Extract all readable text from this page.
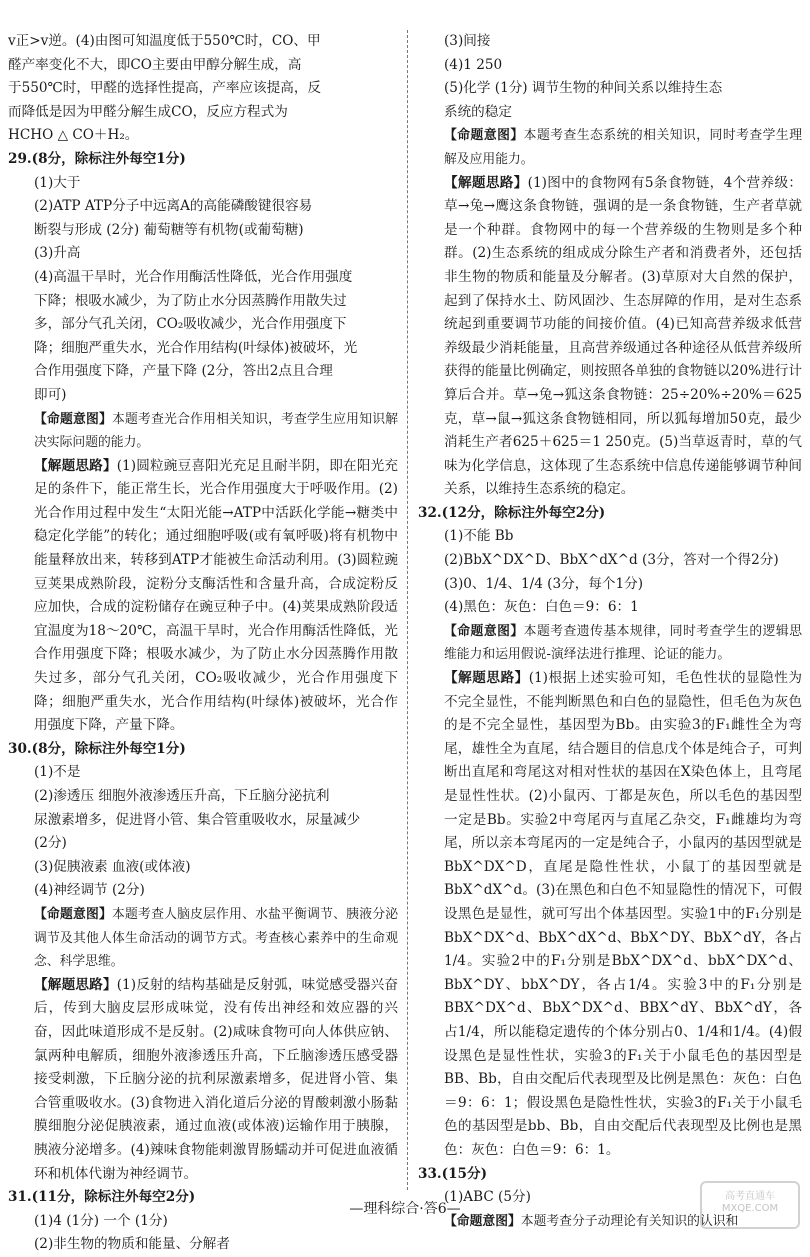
v正>v逆。(4)由图可知温度低于550℃时，CO、甲

醛产率变化不大，即CO主要由甲醇分解生成，高

于550℃时，甲醛的选择性提高，产率应该提高，反

而降低是因为甲醛分解生成CO，反应方程式为

HCHO △ CO＋H₂。

29.(8分，除标注外每空1分)

(1)大于

(2)ATP ATP分子中远离A的高能磷酸键很容易

断裂与形成 (2分) 葡萄糖等有机物(或葡萄糖)

(3)升高

(4)高温干旱时，光合作用酶活性降低，光合作用强度

下降；根吸水减少，为了防止水分因蒸腾作用散失过

多，部分气孔关闭，CO₂吸收减少，光合作用强度下

降；细胞严重失水，光合作用结构(叶绿体)被破坏，光

合作用强度下降，产量下降 (2分，答出2点且合理

即可)

【命题意图】本题考查光合作用相关知识，考查学生应用知识解决实际问题的能力。

【解题思路】(1)圆粒豌豆喜阳光充足且耐半阴，即在阳光充足的条件下，能正常生长，光合作用强度大于呼吸作用。(2)光合作用过程中发生“太阳光能→ATP中活跃化学能→糖类中稳定化学能”的转化；通过细胞呼吸(或有氧呼吸)将有机物中能量释放出来，转移到ATP才能被生命活动利用。(3)圆粒豌豆荚果成熟阶段，淀粉分支酶活性和含量升高，合成淀粉反应加快，合成的淀粉储存在豌豆种子中。(4)荚果成熟阶段适宜温度为18～20℃，高温干旱时，光合作用酶活性降低，光合作用强度下降；根吸水减少，为了防止水分因蒸腾作用散失过多，部分气孔关闭，CO₂吸收减少，光合作用强度下降；细胞严重失水，光合作用结构(叶绿体)被破坏，光合作用强度下降，产量下降。

30.(8分，除标注外每空1分)

(1)不是

(2)渗透压 细胞外液渗透压升高，下丘脑分泌抗利

尿激素增多，促进肾小管、集合管重吸收水，尿量减少

(2分)

(3)促胰液素 血液(或体液)

(4)神经调节 (2分)

【命题意图】本题考查人脑皮层作用、水盐平衡调节、胰液分泌调节及其他人体生命活动的调节方式。考查核心素养中的生命观念、科学思维。

【解题思路】(1)反射的结构基础是反射弧，味觉感受器兴奋后，传到大脑皮层形成味觉，没有传出神经和效应器的兴奋，因此味道形成不是反射。(2)咸味食物可向人体供应钠、氯两种电解质，细胞外液渗透压升高，下丘脑渗透压感受器接受刺激，下丘脑分泌的抗利尿激素增多，促进肾小管、集合管重吸收水。(3)食物进入消化道后分泌的胃酸刺激小肠黏膜细胞分泌促胰液素，通过血液(或体液)运输作用于胰腺，胰液分泌增多。(4)辣味食物能刺激胃肠蠕动并可促进血液循环和机体代谢为神经调节。

31.(11分，除标注外每空2分)

(1)4 (1分) 一个 (1分)

(2)非生物的物质和能量、分解者

(3)间接

(4)1 250

(5)化学 (1分) 调节生物的种间关系以维持生态

系统的稳定

【命题意图】本题考查生态系统的相关知识，同时考查学生理解及应用能力。

【解题思路】(1)图中的食物网有5条食物链，4个营养级：草→兔→鹰这条食物链，强调的是一条食物链，生产者草就是一个种群。食物网中的每一个营养级的生物则是多个种群。(2)生态系统的组成成分除生产者和消费者外，还包括非生物的物质和能量及分解者。(3)草原对大自然的保护，起到了保持水土、防风固沙、生态屏障的作用，是对生态系统起到重要调节功能的间接价值。(4)已知高营养级求低营养级最少消耗能量，且高营养级通过各种途径从低营养级所获得的能量比例确定，则按照各单独的食物链以20%进行计算后合并。草→兔→狐这条食物链：25÷20%÷20%＝625克，草→鼠→狐这条食物链相同，所以狐每增加50克，最少消耗生产者625＋625＝1 250克。(5)当草返青时，草的气味为化学信息，这体现了生态系统中信息传递能够调节种间关系，以维持生态系统的稳定。

32.(12分，除标注外每空2分)

(1)不能 Bb

(2)BbX^DX^D、BbX^dX^d (3分，答对一个得2分)

(3)0、1/4、1/4 (3分，每个1分)

(4)黑色：灰色：白色＝9：6：1

【命题意图】本题考查遗传基本规律，同时考查学生的逻辑思维能力和运用假说-演绎法进行推理、论证的能力。

【解题思路】(1)根据上述实验可知，毛色性状的显隐性为不完全显性，不能判断黑色和白色的显隐性，但毛色为灰色的是不完全显性，基因型为Bb。由实验3的F₁雌性全为弯尾，雄性全为直尾，结合题目的信息戊个体是纯合子，可判断出直尾和弯尾这对相对性状的基因在X染色体上，且弯尾是显性性状。(2)小鼠丙、丁都是灰色，所以毛色的基因型一定是Bb。实验2中弯尾丙与直尾乙杂交，F₁雌雄均为弯尾，所以亲本弯尾丙的一定是纯合子，小鼠丙的基因型就是BbX^DX^D，直尾是隐性性状，小鼠丁的基因型就是BbX^dX^d。(3)在黑色和白色不知显隐性的情况下，可假设黑色是显性，就可写出个体基因型。实验1中的F₁分别是BbX^DX^d、BbX^dX^d、BbX^DY、BbX^dY，各占1/4。实验2中的F₁分别是BbX^DX^d、bbX^DX^d、BbX^DY、bbX^DY，各占1/4。实验3中的F₁分别是BBX^DX^d、BbX^DX^d、BBX^dY、BbX^dY，各占1/4，所以能稳定遗传的个体分别占0、1/4和1/4。(4)假设黑色是显性性状，实验3的F₁关于小鼠毛色的基因型是BB、Bb，自由交配后代表现型及比例是黑色：灰色：白色＝9：6：1；假设黑色是隐性性状，实验3的F₁关于小鼠毛色的基因型是bb、Bb，自由交配后代表现型及比例也是黑色：灰色：白色＝9：6：1。

33.(15分)

(1)ABC (5分)

【命题意图】本题考查分子动理论有关知识的认识和

—理科综合·答6—
高考直通车
MXQE.COM
